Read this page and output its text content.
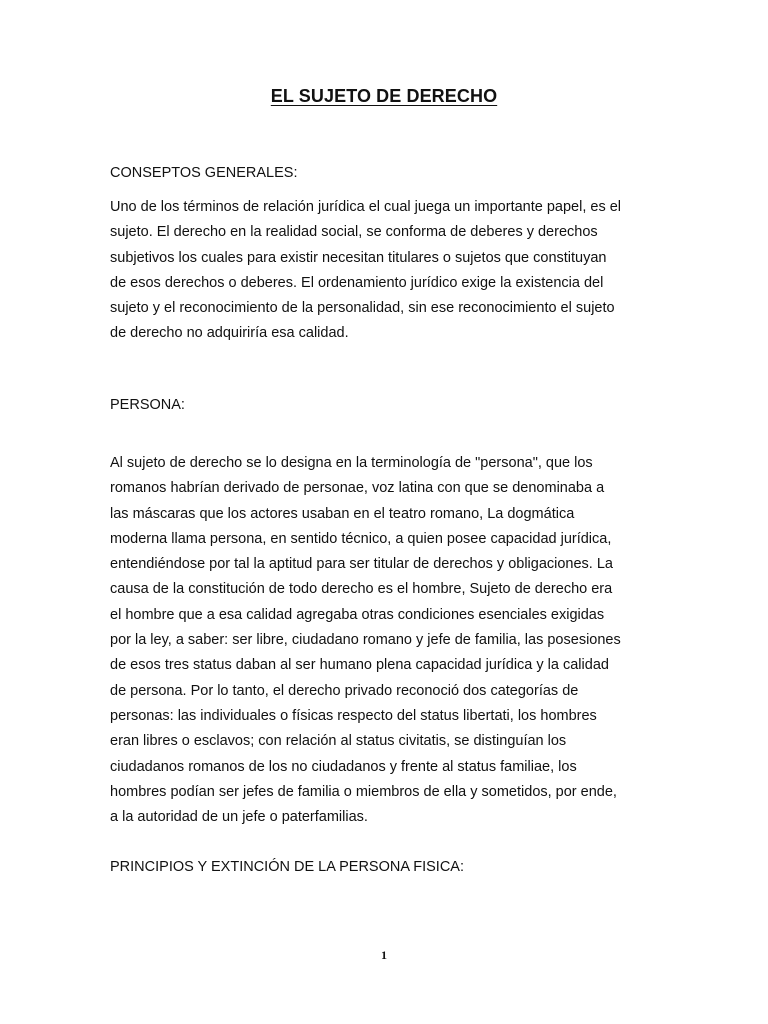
EL SUJETO DE DERECHO

CONSEPTOS GENERALES:

Uno de los términos de relación jurídica el cual juega un importante papel, es el
sujeto. El derecho en la realidad social, se conforma de deberes y derechos
subjetivos los cuales para existir necesitan titulares o sujetos que constituyan
de esos derechos o deberes. El ordenamiento jurídico exige la existencia del
sujeto y el reconocimiento de la personalidad, sin ese reconocimiento el sujeto
de derecho no adquiriría esa calidad.

PERSONA:

Al sujeto de derecho se lo designa en la terminología de "persona", que los
romanos habrían derivado de personae, voz latina con que se denominaba a
las máscaras que los actores usaban en el teatro romano, La dogmática
moderna llama persona, en sentido técnico, a quien posee capacidad jurídica,
entendiéndose por tal la aptitud para ser titular de derechos y obligaciones. La
causa de la constitución de todo derecho es el hombre, Sujeto de derecho era
el hombre que a esa calidad agregaba otras condiciones esenciales exigidas
por la ley, a saber: ser libre, ciudadano romano y jefe de familia, las posesiones
de esos tres status daban al ser humano plena capacidad jurídica y la calidad
de persona. Por lo tanto, el derecho privado reconoció dos categorías de
personas: las individuales o físicas respecto del status libertati, los hombres
eran libres o esclavos; con relación al status civitatis, se distinguían los
ciudadanos romanos de los no ciudadanos y frente al status familiae, los
hombres podían ser jefes de familia o miembros de ella y sometidos, por ende,
a la autoridad de un jefe o paterfamilias.

PRINCIPIOS Y EXTINCIÓN DE LA PERSONA FISICA:

1
